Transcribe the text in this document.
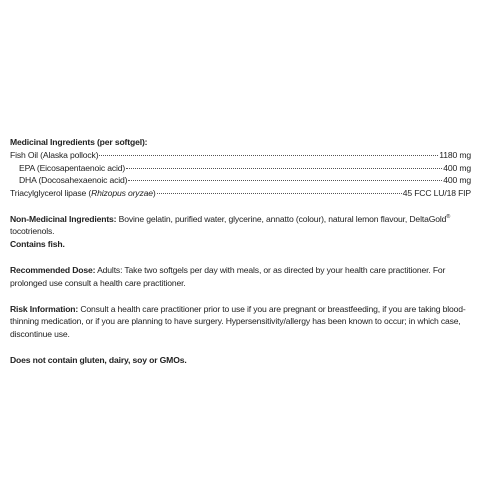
Medicinal Ingredients (per softgel):
Fish Oil (Alaska pollock)	1180 mg
EPA (Eicosapentaenoic acid)	400 mg
DHA (Docosahexaenoic acid)	400 mg
Triacylglycerol lipase (Rhizopus oryzae)	45 FCC LU/18 FIP
Non-Medicinal Ingredients: Bovine gelatin, purified water, glycerine, annatto (colour), natural lemon flavour, DeltaGold® tocotrienols.
Contains fish.
Recommended Dose: Adults: Take two softgels per day with meals, or as directed by your health care practitioner. For prolonged use consult a health care practitioner.
Risk Information: Consult a health care practitioner prior to use if you are pregnant or breastfeeding, if you are taking blood-thinning medication, or if you are planning to have surgery. Hypersensitivity/allergy has been known to occur; in which case, discontinue use.
Does not contain gluten, dairy, soy or GMOs.
